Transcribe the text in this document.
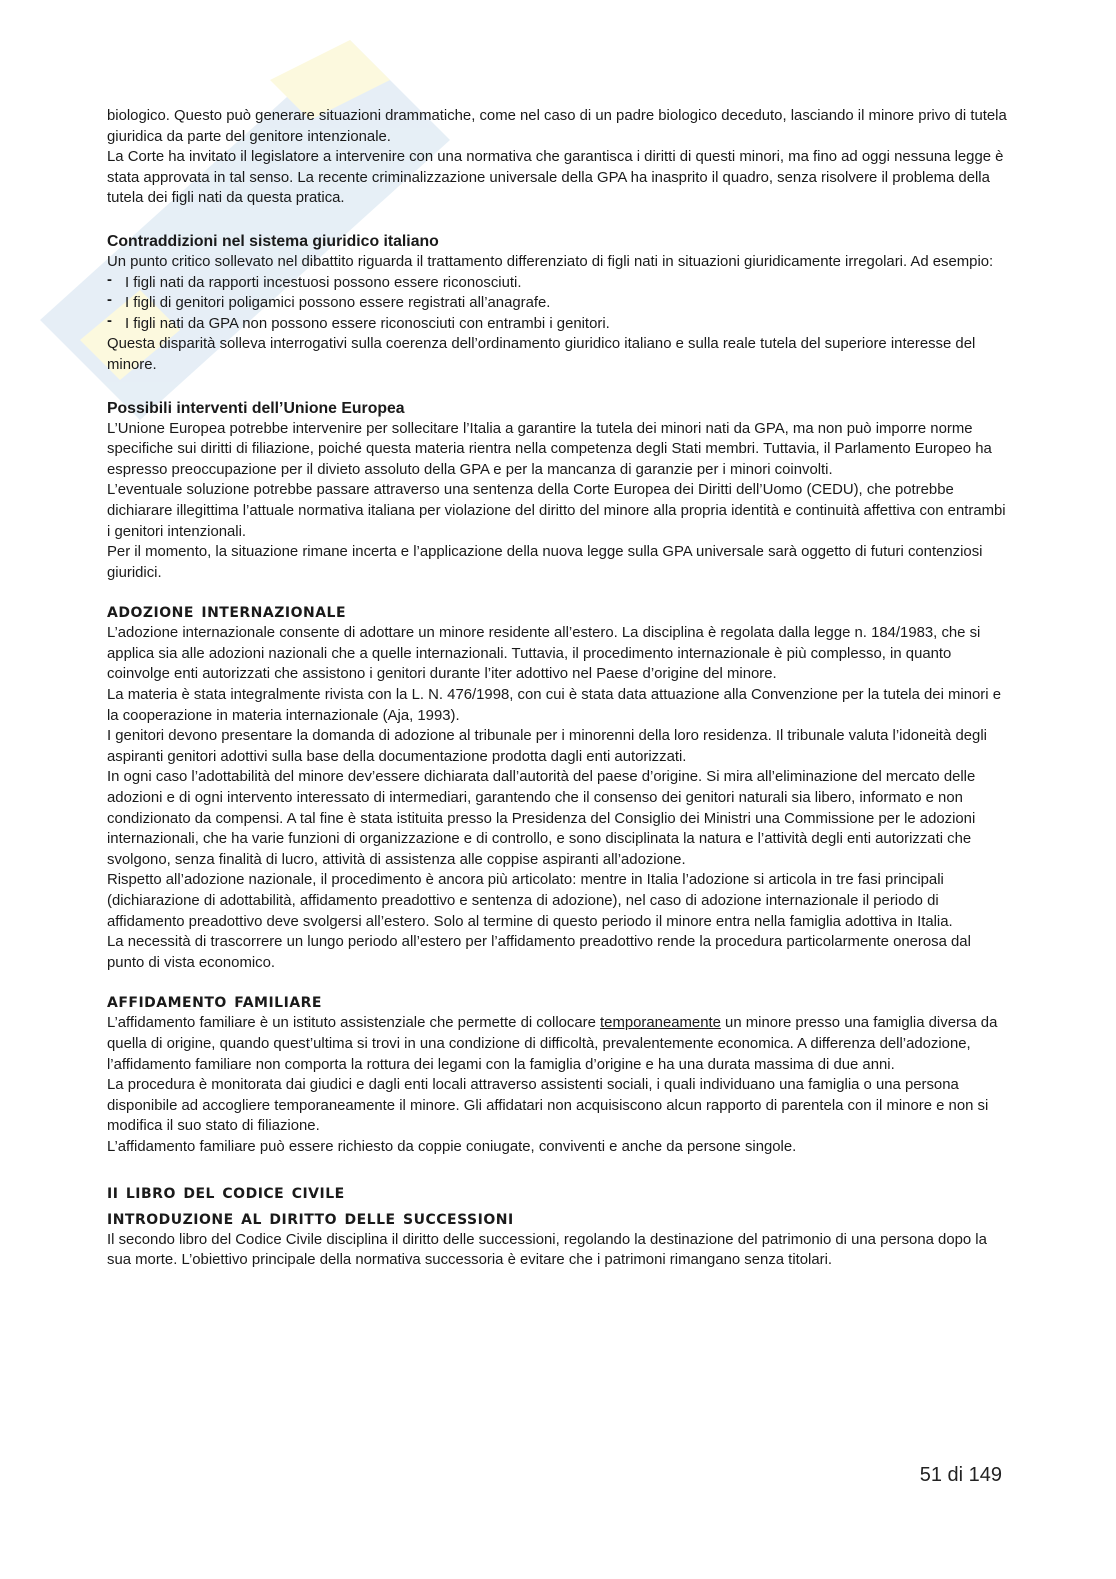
biologico. Questo può generare situazioni drammatiche, come nel caso di un padre biologico deceduto, lasciando il minore privo di tutela giuridica da parte del genitore intenzionale.

La Corte ha invitato il legislatore a intervenire con una normativa che garantisca i diritti di questi minori, ma fino ad oggi nessuna legge è stata approvata in tal senso. La recente criminalizzazione universale della GPA ha inasprito il quadro, senza risolvere il problema della tutela dei figli nati da questa pratica.

Contraddizioni nel sistema giuridico italiano

Un punto critico sollevato nel dibattito riguarda il trattamento differenziato di figli nati in situazioni giuridicamente irregolari. Ad esempio:

- I figli nati da rapporti incestuosi possono essere riconosciuti.
- I figli di genitori poligamici possono essere registrati all’anagrafe.
- I figli nati da GPA non possono essere riconosciuti con entrambi i genitori.

Questa disparità solleva interrogativi sulla coerenza dell’ordinamento giuridico italiano e sulla reale tutela del superiore interesse del minore.

Possibili interventi dell’Unione Europea

L’Unione Europea potrebbe intervenire per sollecitare l’Italia a garantire la tutela dei minori nati da GPA, ma non può imporre norme specifiche sui diritti di filiazione, poiché questa materia rientra nella competenza degli Stati membri. Tuttavia, il Parlamento Europeo ha espresso preoccupazione per il divieto assoluto della GPA e per la mancanza di garanzie per i minori coinvolti.

L’eventuale soluzione potrebbe passare attraverso una sentenza della Corte Europea dei Diritti dell’Uomo (CEDU), che potrebbe dichiarare illegittima l’attuale normativa italiana per violazione del diritto del minore alla propria identità e continuità affettiva con entrambi i genitori intenzionali.

Per il momento, la situazione rimane incerta e l’applicazione della nuova legge sulla GPA universale sarà oggetto di futuri contenziosi giuridici.

adozione internazionale

L’adozione internazionale consente di adottare un minore residente all’estero. La disciplina è regolata dalla legge n. 184/1983, che si applica sia alle adozioni nazionali che a quelle internazionali. Tuttavia, il procedimento internazionale è più complesso, in quanto coinvolge enti autorizzati che assistono i genitori durante l’iter adottivo nel Paese d’origine del minore.

La materia è stata integralmente rivista con la L. N. 476/1998, con cui è stata data attuazione alla Convenzione per la tutela dei minori e la cooperazione in materia internazionale (Aja, 1993).

I genitori devono presentare la domanda di adozione al tribunale per i minorenni della loro residenza. Il tribunale valuta l’idoneità degli aspiranti genitori adottivi sulla base della documentazione prodotta dagli enti autorizzati.

In ogni caso l’adottabilità del minore dev’essere dichiarata dall’autorità del paese d’origine. Si mira all’eliminazione del mercato delle adozioni e di ogni intervento interessato di intermediari, garantendo che il consenso dei genitori naturali sia libero, informato e non condizionato da compensi. A tal fine è stata istituita presso la Presidenza del Consiglio dei Ministri una Commissione per le adozioni internazionali, che ha varie funzioni di organizzazione e di controllo, e sono disciplinata la natura e l’attività degli enti autorizzati che svolgono, senza finalità di lucro, attività di assistenza alle coppise aspiranti all’adozione.

Rispetto all’adozione nazionale, il procedimento è ancora più articolato: mentre in Italia l’adozione si articola in tre fasi principali (dichiarazione di adottabilità, affidamento preadottivo e sentenza di adozione), nel caso di adozione internazionale il periodo di affidamento preadottivo deve svolgersi all’estero. Solo al termine di questo periodo il minore entra nella famiglia adottiva in Italia.

La necessità di trascorrere un lungo periodo all’estero per l’affidamento preadottivo rende la procedura particolarmente onerosa dal punto di vista economico.

affidamento familiare

L’affidamento familiare è un istituto assistenziale che permette di collocare temporaneamente un minore presso una famiglia diversa da quella di origine, quando quest’ultima si trovi in una condizione di difficoltà, prevalentemente economica. A differenza dell’adozione, l’affidamento familiare non comporta la rottura dei legami con la famiglia d’origine e ha una durata massima di due anni.

La procedura è monitorata dai giudici e dagli enti locali attraverso assistenti sociali, i quali individuano una famiglia o una persona disponibile ad accogliere temporaneamente il minore. Gli affidatari non acquisiscono alcun rapporto di parentela con il minore e non si modifica il suo stato di filiazione.

L’affidamento familiare può essere richiesto da coppie coniugate, conviventi e anche da persone singole.

ii libro del codice civile
introduzione al diritto delle successioni

Il secondo libro del Codice Civile disciplina il diritto delle successioni, regolando la destinazione del patrimonio di una persona dopo la sua morte. L’obiettivo principale della normativa successoria è evitare che i patrimoni rimangano senza titolari.

51 di 149
